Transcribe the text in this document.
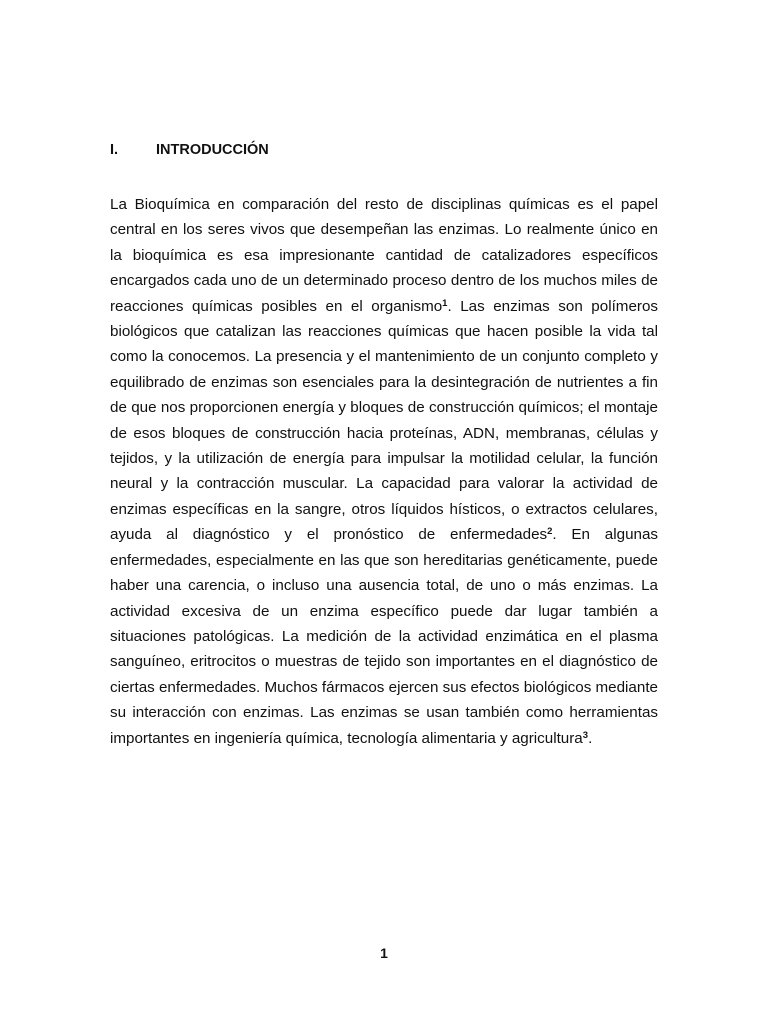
I.	INTRODUCCIÓN

La Bioquímica en comparación del resto de disciplinas químicas es el papel central en los seres vivos que desempeñan las enzimas. Lo realmente único en la bioquímica es esa impresionante cantidad de catalizadores específicos encargados cada uno de un determinado proceso dentro de los muchos miles de reacciones químicas posibles en el organismo$^1$. Las enzimas son polímeros biológicos que catalizan las reacciones químicas que hacen posible la vida tal como la conocemos. La presencia y el mantenimiento de un conjunto completo y equilibrado de enzimas son esenciales para la desintegración de nutrientes a fin de que nos proporcionen energía y bloques de construcción químicos; el montaje de esos bloques de construcción hacia proteínas, ADN, membranas, células y tejidos, y la utilización de energía para impulsar la motilidad celular, la función neural y la contracción muscular. La capacidad para valorar la actividad de enzimas específicas en la sangre, otros líquidos hísticos, o extractos celulares, ayuda al diagnóstico y el pronóstico de enfermedades$^2$. En algunas enfermedades, especialmente en las que son hereditarias genéticamente, puede haber una carencia, o incluso una ausencia total, de uno o más enzimas. La actividad excesiva de un enzima específico puede dar lugar también a situaciones patológicas. La medición de la actividad enzimática en el plasma sanguíneo, eritrocitos o muestras de tejido son importantes en el diagnóstico de ciertas enfermedades. Muchos fármacos ejercen sus efectos biológicos mediante su interacción con enzimas. Las enzimas se usan también como herramientas importantes en ingeniería química, tecnología alimentaria y agricultura$^3$.

1
